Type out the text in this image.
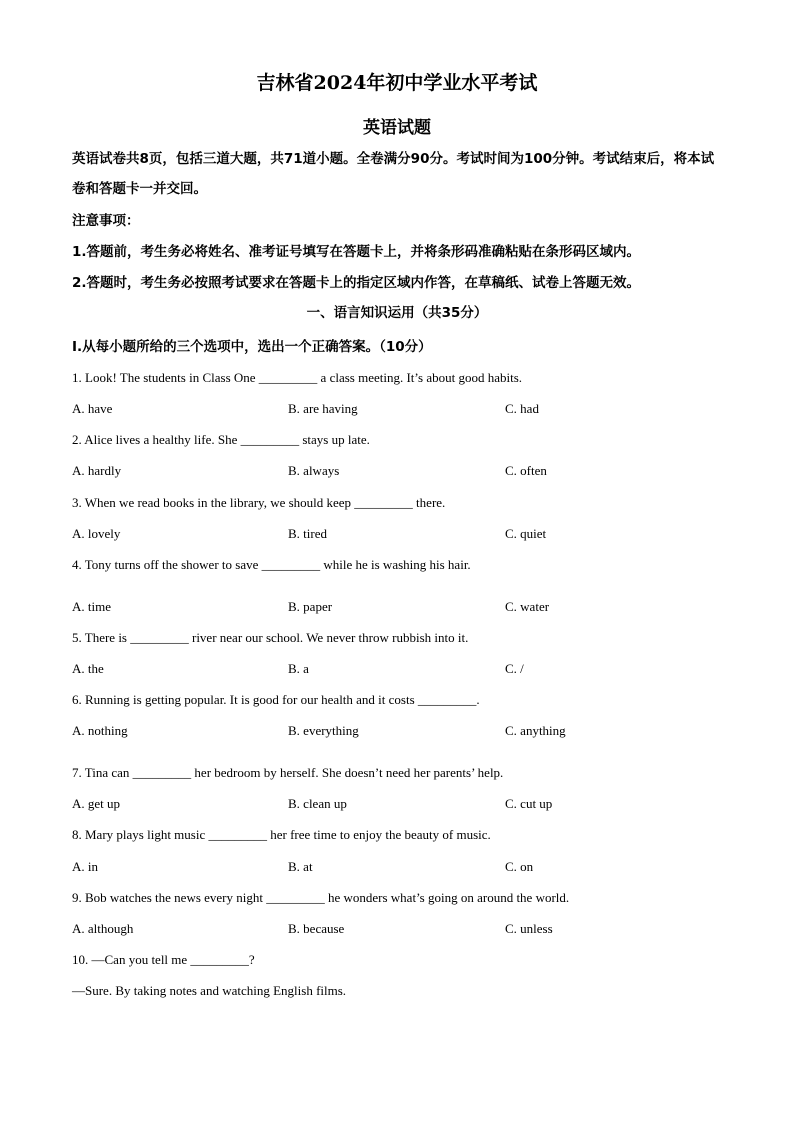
吉林省2024年初中学业水平考试
英语试题
英语试卷共8页，包括三道大题，共71道小题。全卷满分90分。考试时间为100分钟。考试结束后，将本试卷和答题卡一并交回。
注意事项：
1.答题前，考生务必将姓名、准考证号填写在答题卡上，并将条形码准确粘贴在条形码区域内。
2.答题时，考生务必按照考试要求在答题卡上的指定区域内作答，在草稿纸、试卷上答题无效。
一、语言知识运用（共35分）
Ⅰ.从每小题所给的三个选项中，选出一个正确答案。（10分）
1. Look! The students in Class One _________ a class meeting. It’s about good habits.
A. have	B. are having	C. had
2. Alice lives a healthy life. She _________ stays up late.
A. hardly	B. always	C. often
3. When we read books in the library, we should keep _________ there.
A. lovely	B. tired	C. quiet
4. Tony turns off the shower to save _________ while he is washing his hair.
A. time	B. paper	C. water
5. There is _________ river near our school. We never throw rubbish into it.
A. the	B. a	C. /
6. Running is getting popular. It is good for our health and it costs _________.
A. nothing	B. everything	C. anything
7. Tina can _________ her bedroom by herself. She doesn’t need her parents’ help.
A. get up	B. clean up	C. cut up
8. Mary plays light music _________ her free time to enjoy the beauty of music.
A. in	B. at	C. on
9. Bob watches the news every night _________ he wonders what’s going on around the world.
A. although	B. because	C. unless
10. —Can you tell me _________?
—Sure. By taking notes and watching English films.
